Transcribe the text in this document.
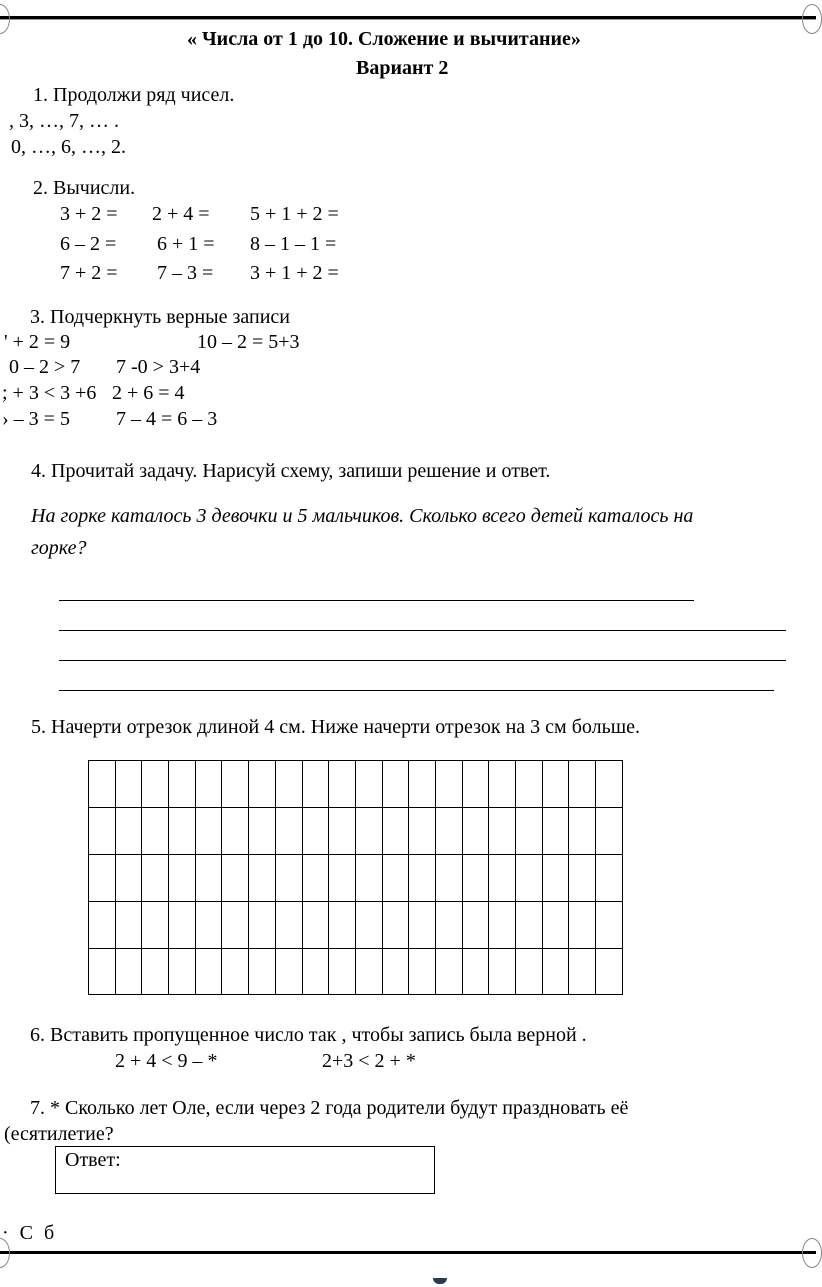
« Числа от 1 до 10. Сложение и вычитание»
Вариант 2
1. Продолжи ряд чисел.
, 3, …, 7, … .
0, …, 6, …, 2.
2. Вычисли.
3 + 2 = 2 + 4 = 5 + 1 + 2 =
6 – 2 = 6 + 1 = 8 – 1 – 1 =
7 + 2 = 7 – 3 = 3 + 1 + 2 =
3. Подчеркнуть верные записи
' + 2 = 9	10 – 2 = 5+3
0 – 2 > 7 7 -0 > 3+4
; + 3 < 3 +6 2 + 6 = 4
› – 3 = 5 7 – 4 = 6 – 3
4. Прочитай задачу. Нарисуй схему, запиши решение и ответ.
На горке каталось 3 девочки и 5 мальчиков. Сколько всего детей каталось на
горке?
5. Начерти отрезок длиной 4 см. Ниже начерти отрезок на 3 см больше.

6. Вставить пропущенное число так , чтобы запись была верной .
2 + 4 < 9 – *	2+3 < 2 + *
7. * Сколько лет Оле, если через 2 года родители будут праздновать её
(есятилетие?
Ответ:
· С б
